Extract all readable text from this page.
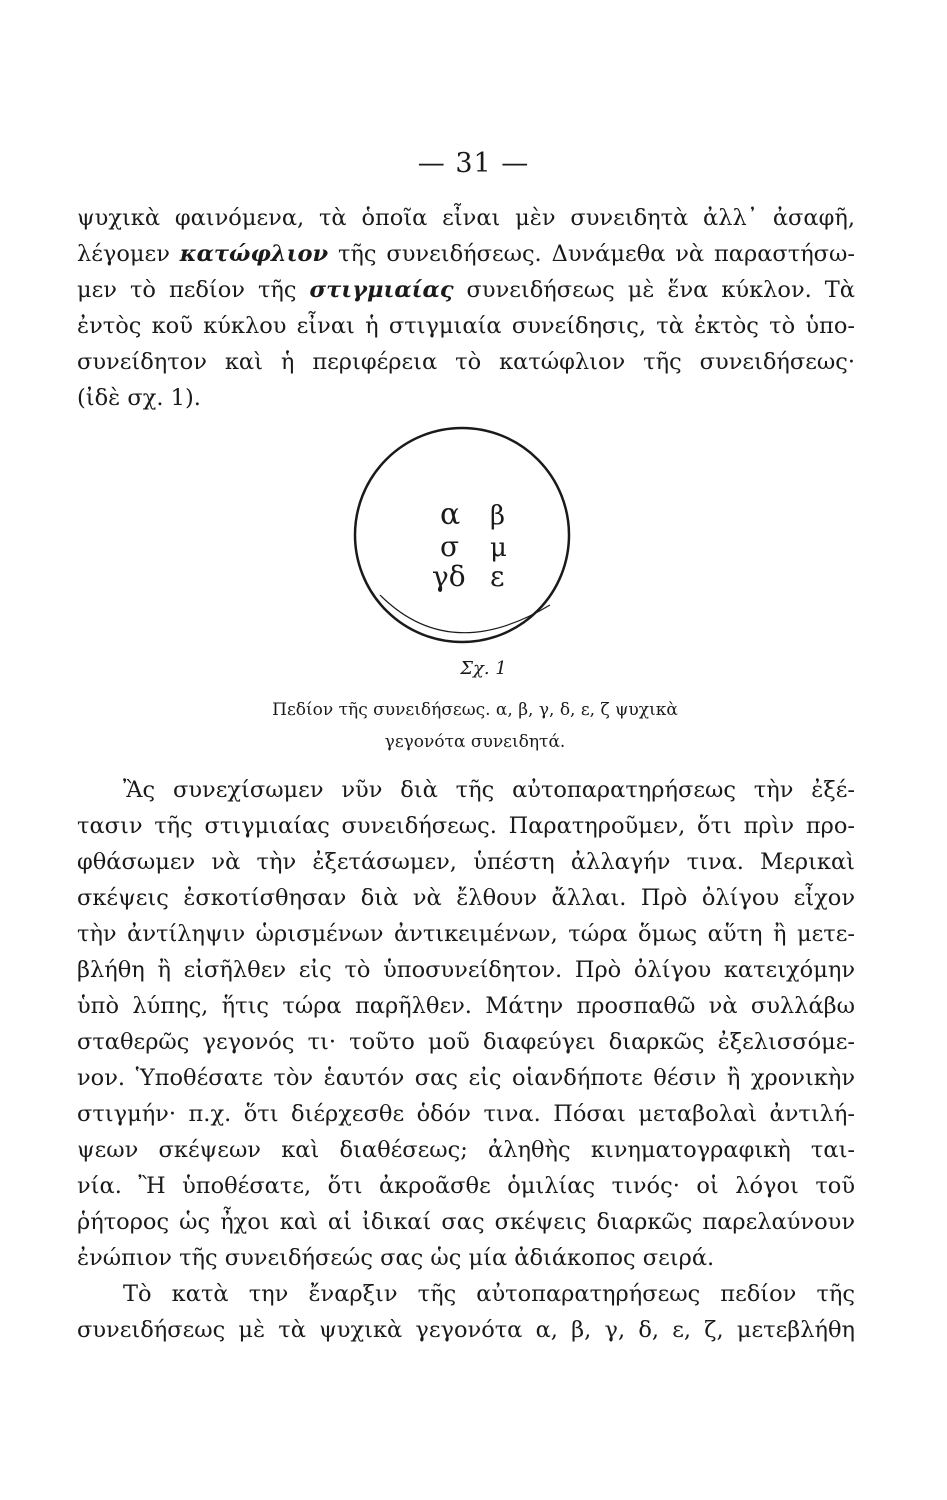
— 31 —
ψυχικὰ φαινόμενα, τὰ ὁποῖα εἶναι μὲν συνειδητὰ ἀλλ᾽ ἀσαφῆ,
λέγομεν κατώφλιον τῆς συνειδήσεως. Δυνάμεθα νὰ παραστήσω-
μεν τὸ πεδίον τῆς στιγμιαίας συνειδήσεως μὲ ἕνα κύκλον. Τὰ
ἐντὸς κοῦ κύκλου εἶναι ἡ στιγμιαία συνείδησις, τὰ ἐκτὸς τὸ ὑπο-
συνείδητον καὶ ἡ περιφέρεια τὸ κατώφλιον τῆς συνειδήσεως·
(ἰδὲ σχ. 1).
α β
σ μ
γδ ε
Σχ. 1
Πεδίον τῆς συνειδήσεως. α, β, γ, δ, ε, ζ ψυχικὰ
γεγονότα συνειδητά.
Ἂς συνεχίσωμεν νῦν διὰ τῆς αὐτοπαρατηρήσεως τὴν ἐξέ-
τασιν τῆς στιγμιαίας συνειδήσεως. Παρατηροῦμεν, ὅτι πρὶν προ-
φθάσωμεν νὰ τὴν ἐξετάσωμεν, ὑπέστη ἀλλαγήν τινα. Μερικαὶ
σκέψεις ἐσκοτίσθησαν διὰ νὰ ἔλθουν ἄλλαι. Πρὸ ὀλίγου εἶχον
τὴν ἀντίληψιν ὡρισμένων ἀντικειμένων, τώρα ὅμως αὕτη ἢ μετε-
βλήθη ἢ εἰσῆλθεν εἰς τὸ ὑποσυνείδητον. Πρὸ ὀλίγου κατειχόμην
ὑπὸ λύπης, ἥτις τώρα παρῆλθεν. Μάτην προσπαθῶ νὰ συλλάβω
σταθερῶς γεγονός τι· τοῦτο μοῦ διαφεύγει διαρκῶς ἐξελισσόμε-
νον. Ὑποθέσατε τὸν ἑαυτόν σας εἰς οἱανδήποτε θέσιν ἢ χρονικὴν
στιγμήν· π.χ. ὅτι διέρχεσθε ὁδόν τινα. Πόσαι μεταβολαὶ ἀντιλή-
ψεων σκέψεων καὶ διαθέσεως; ἀληθὴς κινηματογραφικὴ ται-
νία. Ἢ ὑποθέσατε, ὅτι ἀκροᾶσθε ὁμιλίας τινός· οἱ λόγοι τοῦ
ῥήτορος ὡς ἦχοι καὶ αἱ ἰδικαί σας σκέψεις διαρκῶς παρελαύνουν
ἐνώπιον τῆς συνειδήσεώς σας ὡς μία ἀδιάκοπος σειρά.
Τὸ κατὰ την ἔναρξιν τῆς αὐτοπαρατηρήσεως πεδίον τῆς
συνειδήσεως μὲ τὰ ψυχικὰ γεγονότα α, β, γ, δ, ε, ζ, μετεβλήθη
